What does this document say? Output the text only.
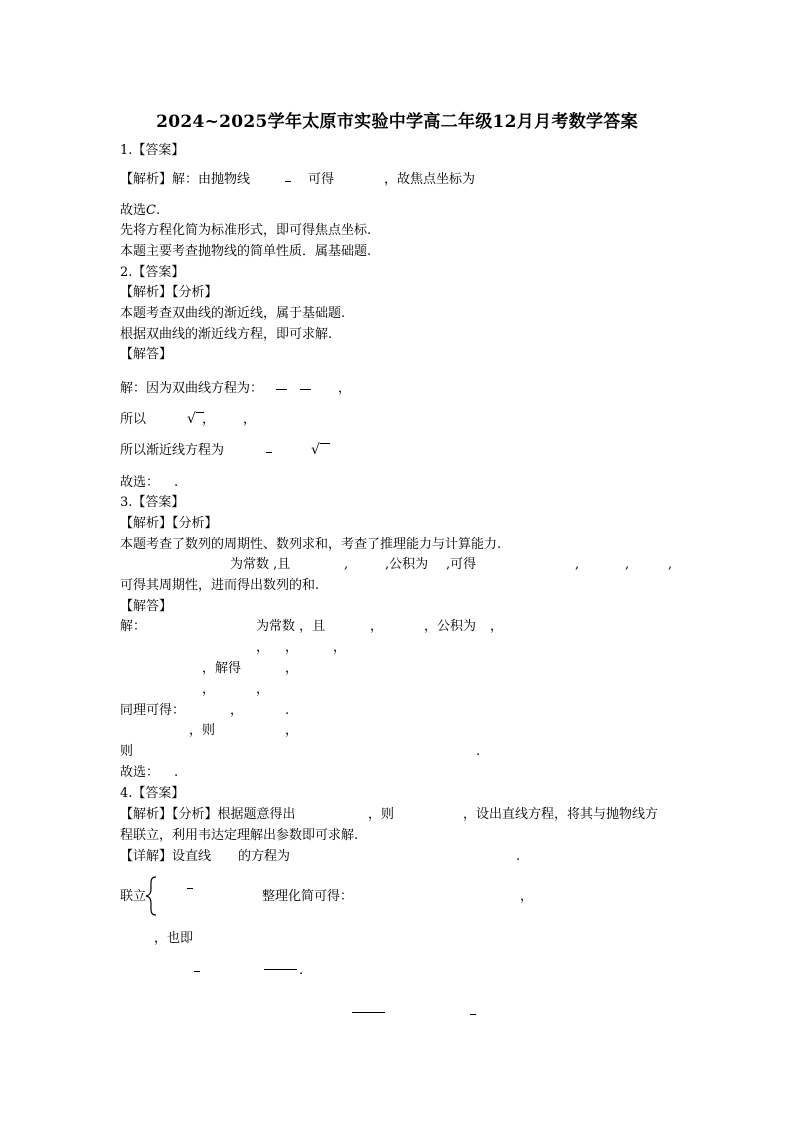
2024~2025学年太原市实验中学高二年级12月月考数学答案
1.【答案】
【解析】解：由抛物线	可得	，故焦点坐标为
故选C.
先将方程化简为标准形式，即可得焦点坐标.
本题主要考查抛物线的简单性质．属基础题.
2.【答案】
【解析】【分析】
本题考查双曲线的渐近线，属于基础题.
根据双曲线的渐近线方程，即可求解.
【解答】
解：因为双曲线方程为：	，
所以	√ ， ，
所以渐近线方程为	√
故选： .
3.【答案】
【解析】【分析】
本题考查了数列的周期性、数列求和，考查了推理能力与计算能力.
为常数 ,且	,	,公积为 ,可得	,	,	,
可得其周期性，进而得出数列的和.
【解答】
解：	为常数 ，且	，	，公积为 ，
， ，	，
，解得	，
，	，
同理可得：	，	.
，则	，
则	.
故选： .
4.【答案】
【解析】【分析】根据题意得出	，则	，设出直线方程，将其与抛物线方
程联立，利用韦达定理解出参数即可求解.
【详解】设直线 的方程为	.
联立	整理化简可得：	，
，也即
.
